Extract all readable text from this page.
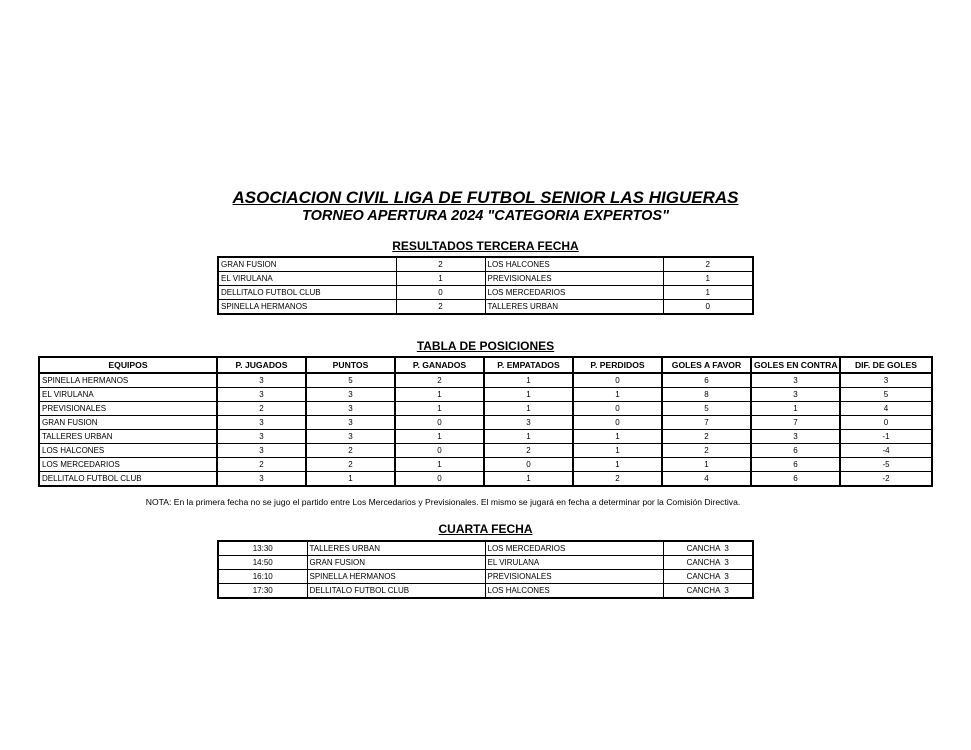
ASOCIACION CIVIL LIGA DE FUTBOL SENIOR LAS HIGUERAS
TORNEO APERTURA 2024 "CATEGORIA EXPERTOS"
RESULTADOS TERCERA FECHA
GRAN FUSION	2	LOS HALCONES	2
EL VIRULANA	1	PREVISIONALES	1
DELLITALO FUTBOL CLUB	0	LOS MERCEDARIOS	1
SPINELLA HERMANOS	2	TALLERES URBAN	0
TABLA DE POSICIONES
EQUIPOS	P. JUGADOS	PUNTOS	P. GANADOS	P. EMPATADOS	P. PERDIDOS	GOLES A FAVOR	GOLES EN CONTRA	DIF. DE GOLES
SPINELLA HERMANOS	3	5	2	1	0	6	3	3
EL VIRULANA	3	3	1	1	1	8	3	5
PREVISIONALES	2	3	1	1	0	5	1	4
GRAN FUSION	3	3	0	3	0	7	7	0
TALLERES URBAN	3	3	1	1	1	2	3	-1
LOS HALCONES	3	2	0	2	1	2	6	-4
LOS MERCEDARIOS	2	2	1	0	1	1	6	-5
DELLITALO FUTBOL CLUB	3	1	0	1	2	4	6	-2
NOTA: En la primera fecha no se jugo el partido entre Los Mercedarios y Previsionales. El mismo se jugará en fecha a determinar por la Comisión Directiva.
CUARTA FECHA
13:30	TALLERES URBAN	LOS MERCEDARIOS	CANCHA  3
14:50	GRAN FUSION	EL VIRULANA	CANCHA  3
16:10	SPINELLA HERMANOS	PREVISIONALES	CANCHA  3
17:30	DELLITALO FUTBOL CLUB	LOS HALCONES	CANCHA  3
